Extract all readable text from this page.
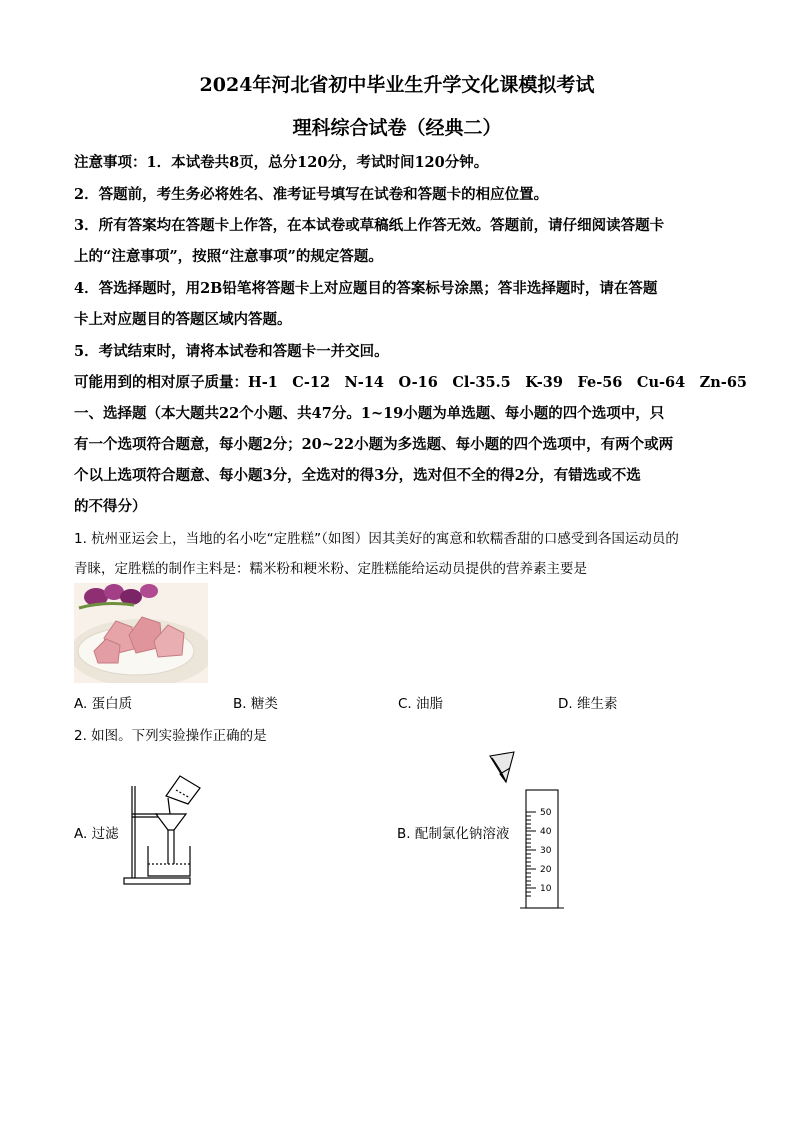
2024年河北省初中毕业生升学文化课模拟考试
理科综合试卷（经典二）
注意事项：1．本试卷共8页，总分120分，考试时间120分钟。
2．答题前，考生务必将姓名、准考证号填写在试卷和答题卡的相应位置。
3．所有答案均在答题卡上作答，在本试卷或草稿纸上作答无效。答题前，请仔细阅读答题卡
上的“注意事项”，按照“注意事项”的规定答题。
4．答选择题时，用2B铅笔将答题卡上对应题目的答案标号涂黑；答非选择题时，请在答题
卡上对应题目的答题区域内答题。
5．考试结束时，请将本试卷和答题卡一并交回。
可能用到的相对原子质量：H-1　C-12　N-14　O-16　Cl-35.5　K-39　Fe-56　Cu-64　Zn-65
一、选择题（本大题共22个小题、共47分。1~19小题为单选题、每小题的四个选项中，只
有一个选项符合题意，每小题2分；20~22小题为多选题、每小题的四个选项中，有两个或两
个以上选项符合题意、每小题3分，全选对的得3分，选对但不全的得2分，有错选或不选
的不得分）
1. 杭州亚运会上，当地的名小吃“定胜糕”（如图）因其美好的寓意和软糯香甜的口感受到各国运动员的
青睐，定胜糕的制作主料是：糯米粉和粳米粉、定胜糕能给运动员提供的营养素主要是
A. 蛋白质	B. 糖类	C. 油脂	D. 维生素
2. 如图。下列实验操作正确的是
A. 过滤	B. 配制氯化钠溶液
50
40
30
20
10
